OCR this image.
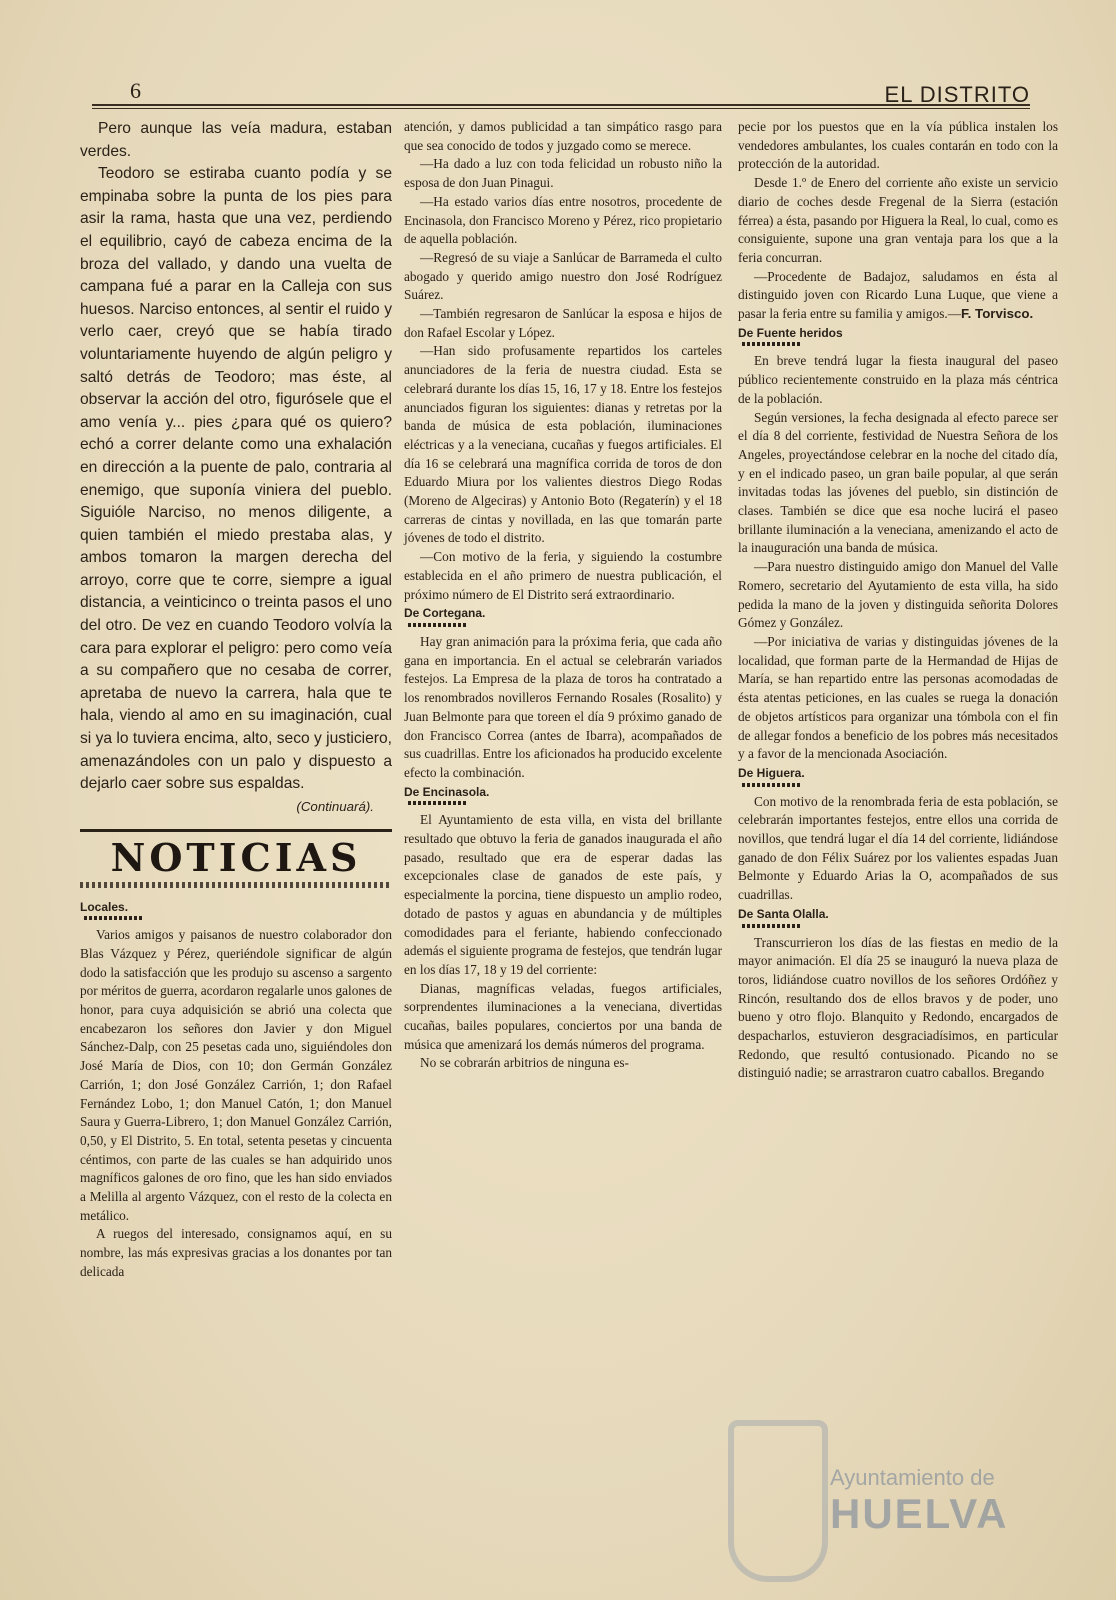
6	EL DISTRITO

Pero aunque las veía madura, estaban verdes.

Teodoro se estiraba cuanto podía y se empinaba sobre la punta de los pies para asir la rama, hasta que una vez, perdiendo el equilibrio, cayó de cabeza encima de la broza del vallado, y dando una vuelta de campana fué a parar en la Calleja con sus huesos. Narciso entonces, al sentir el ruido y verlo caer, creyó que se había tirado voluntariamente huyendo de algún peligro y saltó detrás de Teodoro; mas éste, al observar la acción del otro, figurósele que el amo venía y... pies ¿para qué os quiero? echó a correr delante como una exhalación en dirección a la puente de palo, contraria al enemigo, que suponía viniera del pueblo. Siguióle Narciso, no menos diligente, a quien también el miedo prestaba alas, y ambos tomaron la margen derecha del arroyo, corre que te corre, siempre a igual distancia, a veinticinco o treinta pasos el uno del otro. De vez en cuando Teodoro volvía la cara para explorar el peligro: pero como veía a su compañero que no cesaba de correr, apretaba de nuevo la carrera, hala que te hala, viendo al amo en su imaginación, cual si ya lo tuviera encima, alto, seco y justiciero, amenazándoles con un palo y dispuesto a dejarlo caer sobre sus espaldas.

(Continuará).
NOTICIAS

Locales.

Varios amigos y paisanos de nuestro colaborador don Blas Vázquez y Pérez, queriéndole significar de algún dodo la satisfacción que les produjo su ascenso a sargento por méritos de guerra, acordaron regalarle unos galones de honor, para cuya adquisición se abrió una colecta que encabezaron los señores don Javier y don Miguel Sánchez-Dalp, con 25 pesetas cada uno, siguiéndoles don José María de Dios, con 10; don Germán González Carrión, 1; don José González Carrión, 1; don Rafael Fernández Lobo, 1; don Manuel Catón, 1; don Manuel Saura y Guerra-Librero, 1; don Manuel González Carrión, 0,50, y El Distrito, 5. En total, setenta pesetas y cincuenta céntimos, con parte de las cuales se han adquirido unos magníficos galones de oro fino, que les han sido enviados a Melilla al argento Vázquez, con el resto de la colecta en metálico.

A ruegos del interesado, consignamos aquí, en su nombre, las más expresivas gracias a los donantes por tan delicada

atención, y damos publicidad a tan simpático rasgo para que sea conocido de todos y juzgado como se merece.

—Ha dado a luz con toda felicidad un robusto niño la esposa de don Juan Pinagui.

—Ha estado varios días entre nosotros, procedente de Encinasola, don Francisco Moreno y Pérez, rico propietario de aquella población.

—Regresó de su viaje a Sanlúcar de Barrameda el culto abogado y querido amigo nuestro don José Rodríguez Suárez.

—También regresaron de Sanlúcar la esposa e hijos de don Rafael Escolar y López.

—Han sido profusamente repartidos los carteles anunciadores de la feria de nuestra ciudad. Esta se celebrará durante los días 15, 16, 17 y 18. Entre los festejos anunciados figuran los siguientes: dianas y retretas por la banda de música de esta población, iluminaciones eléctricas y a la veneciana, cucañas y fuegos artificiales. El día 16 se celebrará una magnífica corrida de toros de don Eduardo Miura por los valientes diestros Diego Rodas (Moreno de Algeciras) y Antonio Boto (Regaterín) y el 18 carreras de cintas y novillada, en las que tomarán parte jóvenes de todo el distrito.

—Con motivo de la feria, y siguiendo la costumbre establecida en el año primero de nuestra publicación, el próximo número de El Distrito será extraordinario.

De Cortegana.

Hay gran animación para la próxima feria, que cada año gana en importancia. En el actual se celebrarán variados festejos. La Empresa de la plaza de toros ha contratado a los renombrados novilleros Fernando Rosales (Rosalito) y Juan Belmonte para que toreen el día 9 próximo ganado de don Francisco Correa (antes de Ibarra), acompañados de sus cuadrillas. Entre los aficionados ha producido excelente efecto la combinación.

De Encinasola.

El Ayuntamiento de esta villa, en vista del brillante resultado que obtuvo la feria de ganados inaugurada el año pasado, resultado que era de esperar dadas las excepcionales clase de ganados de este país, y especialmente la porcina, tiene dispuesto un amplio rodeo, dotado de pastos y aguas en abundancia y de múltiples comodidades para el feriante, habiendo confeccionado además el siguiente programa de festejos, que tendrán lugar en los días 17, 18 y 19 del corriente:

Dianas, magníficas veladas, fuegos artificiales, sorprendentes iluminaciones a la veneciana, divertidas cucañas, bailes populares, conciertos por una banda de música que amenizará los demás números del programa.

No se cobrarán arbitrios de ninguna es-

pecie por los puestos que en la vía pública instalen los vendedores ambulantes, los cuales contarán en todo con la protección de la autoridad.

Desde 1.º de Enero del corriente año existe un servicio diario de coches desde Fregenal de la Sierra (estación férrea) a ésta, pasando por Higuera la Real, lo cual, como es consiguiente, supone una gran ventaja para los que a la feria concurran.

—Procedente de Badajoz, saludamos en ésta al distinguido joven con Ricardo Luna Luque, que viene a pasar la feria entre su familia y amigos.—F. Torvisco.

De Fuente heridos

En breve tendrá lugar la fiesta inaugural del paseo público recientemente construido en la plaza más céntrica de la población.

Según versiones, la fecha designada al efecto parece ser el día 8 del corriente, festividad de Nuestra Señora de los Angeles, proyectándose celebrar en la noche del citado día, y en el indicado paseo, un gran baile popular, al que serán invitadas todas las jóvenes del pueblo, sin distinción de clases. También se dice que esa noche lucirá el paseo brillante iluminación a la veneciana, amenizando el acto de la inauguración una banda de música.

—Para nuestro distinguido amigo don Manuel del Valle Romero, secretario del Ayutamiento de esta villa, ha sido pedida la mano de la joven y distinguida señorita Dolores Gómez y González.

—Por iniciativa de varias y distinguidas jóvenes de la localidad, que forman parte de la Hermandad de Hijas de María, se han repartido entre las personas acomodadas de ésta atentas peticiones, en las cuales se ruega la donación de objetos artísticos para organizar una tómbola con el fin de allegar fondos a beneficio de los pobres más necesitados y a favor de la mencionada Asociación.

De Higuera.

Con motivo de la renombrada feria de esta población, se celebrarán importantes festejos, entre ellos una corrida de novillos, que tendrá lugar el día 14 del corriente, lidiándose ganado de don Félix Suárez por los valientes espadas Juan Belmonte y Eduardo Arias la O, acompañados de sus cuadrillas.

De Santa Olalla.

Transcurrieron los días de las fiestas en medio de la mayor animación. El día 25 se inauguró la nueva plaza de toros, lidiándose cuatro novillos de los señores Ordóñez y Rincón, resultando dos de ellos bravos y de poder, uno bueno y otro flojo. Blanquito y Redondo, encargados de despacharlos, estuvieron desgraciadísimos, en particular Redondo, que resultó contusionado. Picando no se distinguió nadie; se arrastraron cuatro caballos. Bregando

Ayuntamiento de
HUELVA
